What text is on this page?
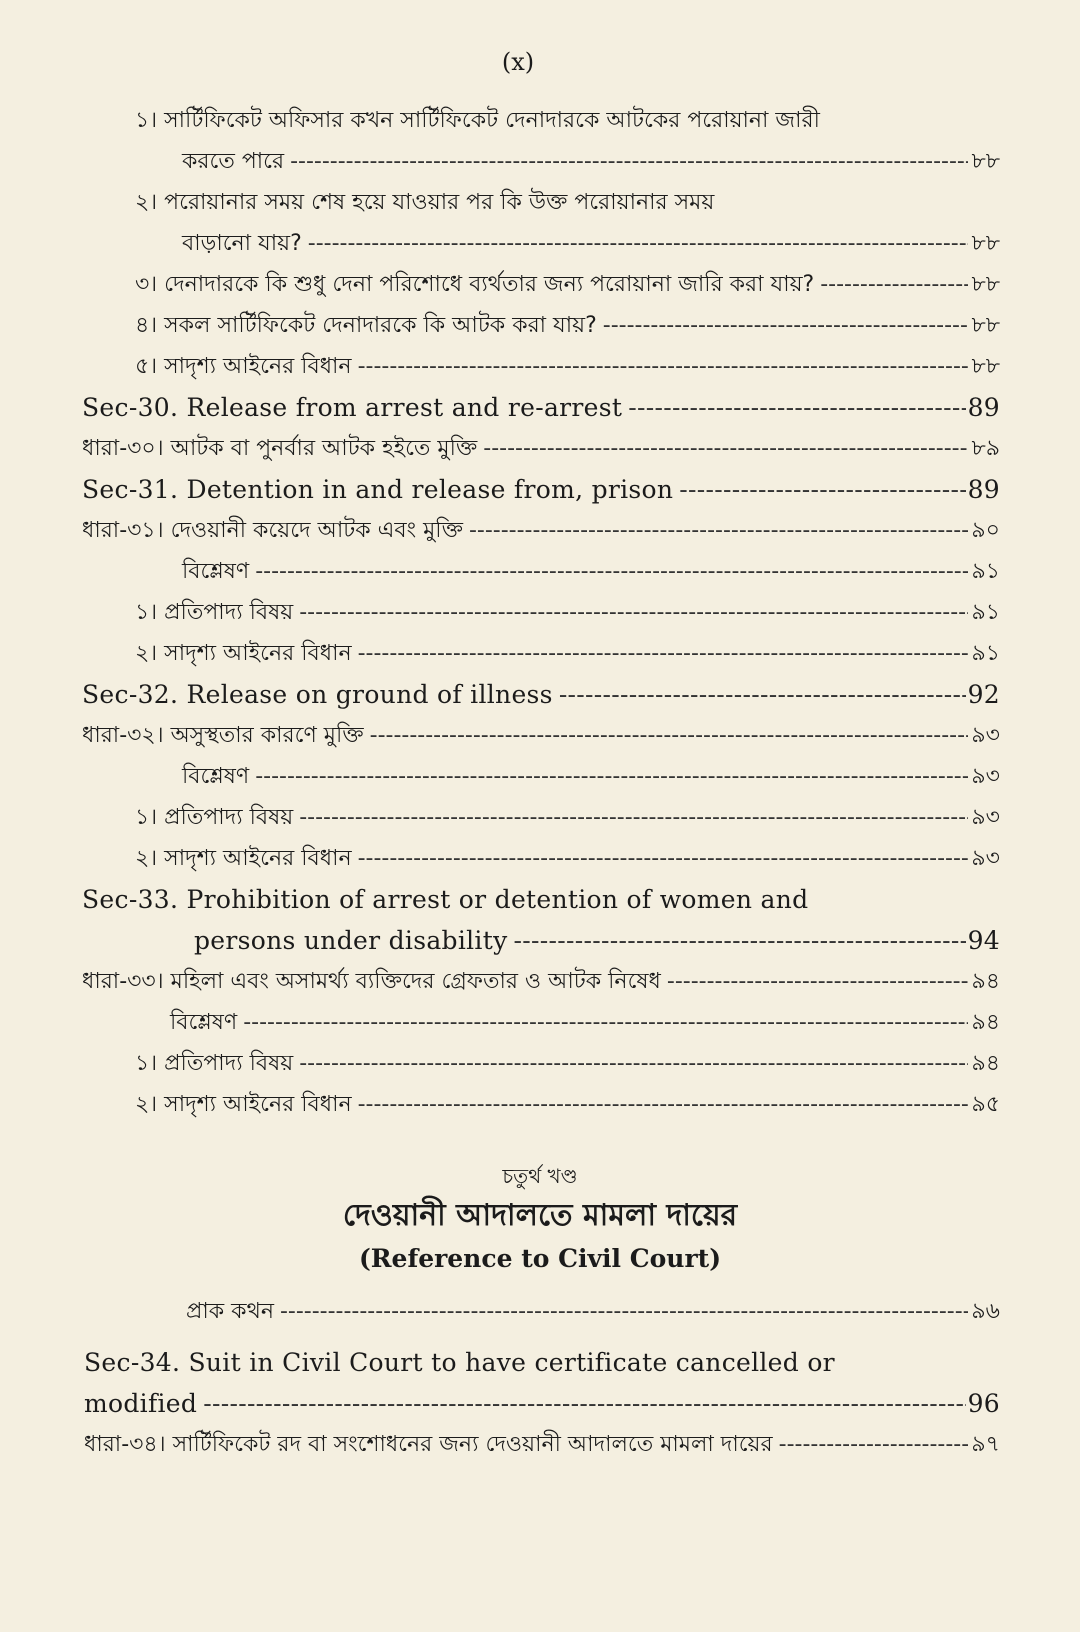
(x)
১। সার্টিফিকেট অফিসার কখন সার্টিফিকেট দেনাদারকে আটকের পরোয়ানা জারী
করতে পারে -----	৮৮
২। পরোয়ানার সময় শেষ হয়ে যাওয়ার পর কি উক্ত পরোয়ানার সময়
বাড়ানো যায়? -----	৮৮
৩। দেনাদারকে কি শুধু দেনা পরিশোধে ব্যর্থতার জন্য পরোয়ানা জারি করা যায়? -----	৮৮
৪। সকল সার্টিফিকেট দেনাদারকে কি আটক করা যায়? -----	৮৮
৫। সাদৃশ্য আইনের বিধান -----	৮৮
Sec-30. Release from arrest and re-arrest -----	89
ধারা-৩০। আটক বা পুনর্বার আটক হইতে মুক্তি -----	৮৯
Sec-31. Detention in and release from, prison -----	89
ধারা-৩১। দেওয়ানী কয়েদে আটক এবং মুক্তি -----	৯০
বিশ্লেষণ -----	৯১
১। প্রতিপাদ্য বিষয় -----	৯১
২। সাদৃশ্য আইনের বিধান -----	৯১
Sec-32. Release on ground of illness -----	92
ধারা-৩২। অসুস্থতার কারণে মুক্তি -----	৯৩
বিশ্লেষণ -----	৯৩
১। প্রতিপাদ্য বিষয় -----	৯৩
২। সাদৃশ্য আইনের বিধান -----	৯৩
Sec-33. Prohibition of arrest or detention of women and
persons under disability -----	94
ধারা-৩৩। মহিলা এবং অসামর্থ্য ব্যক্তিদের গ্রেফতার ও আটক নিষেধ -----	৯৪
বিশ্লেষণ -----	৯৪
১। প্রতিপাদ্য বিষয় -----	৯৪
২। সাদৃশ্য আইনের বিধান -----	৯৫
চতুর্থ খণ্ড
দেওয়ানী আদালতে মামলা দায়ের
(Reference to Civil Court)
প্রাক কথন -----	৯৬
Sec-34. Suit in Civil Court to have certificate cancelled or
modified -----	96
ধারা-৩৪। সার্টিফিকেট রদ বা সংশোধনের জন্য দেওয়ানী আদালতে মামলা দায়ের -----	৯৭
